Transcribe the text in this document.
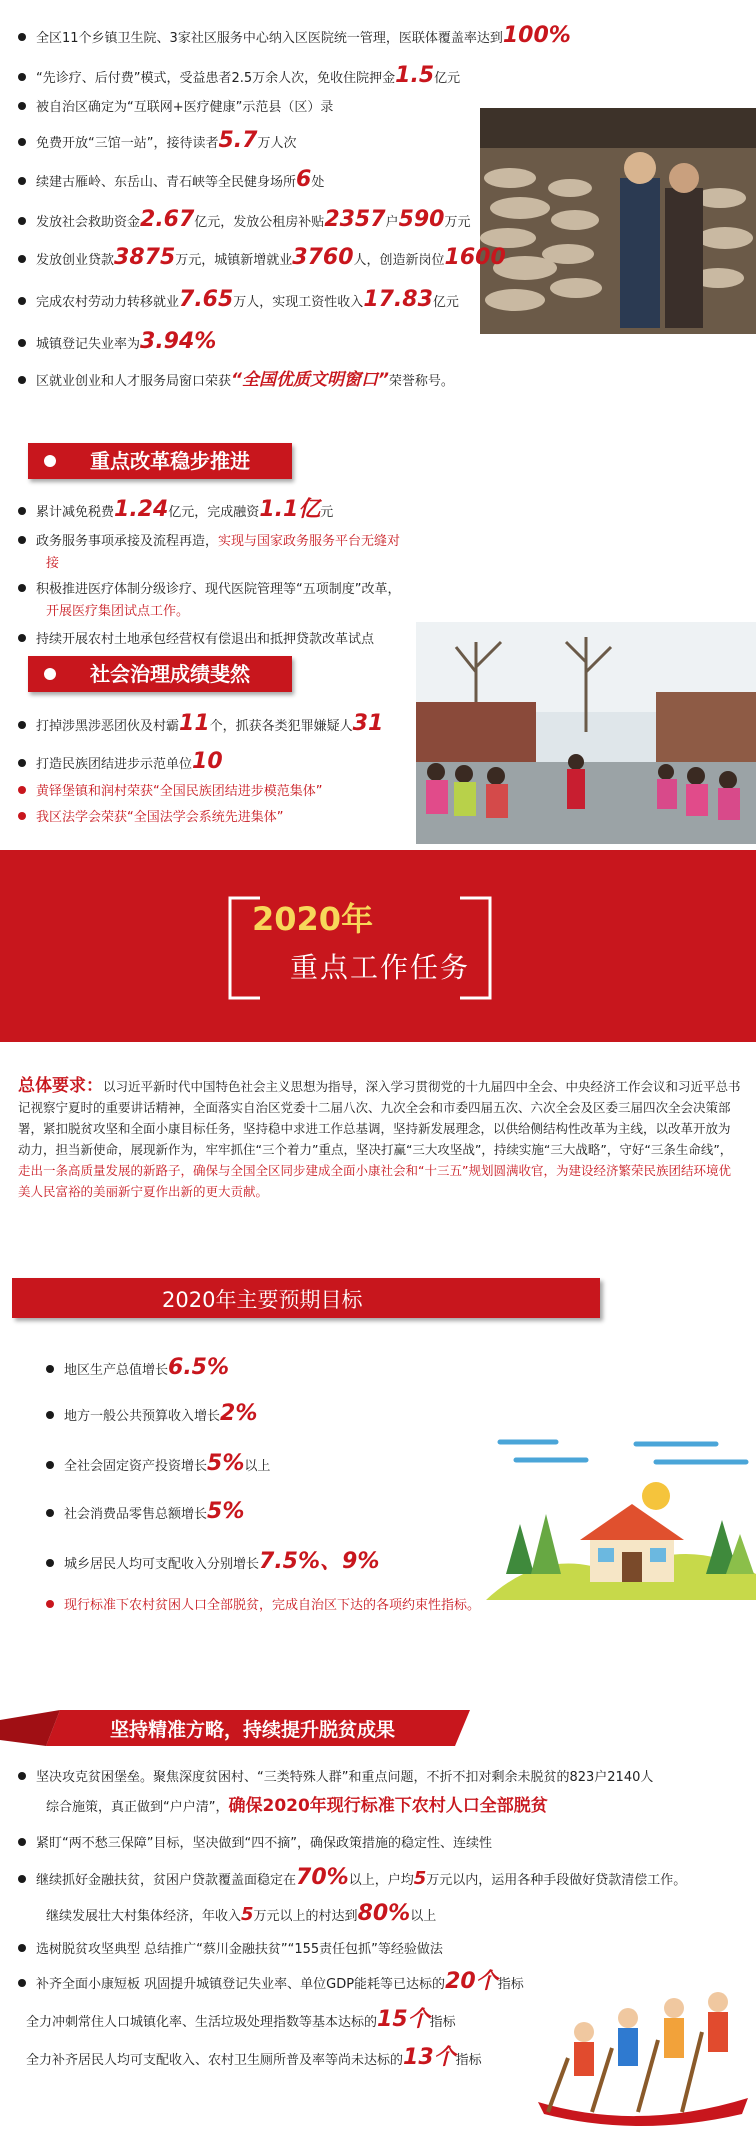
全区11个乡镇卫生院、3家社区服务中心纳入区医院统一管理，医联体覆盖率达到100%
“先诊疗、后付费”模式，受益患者2.5万余人次，免收住院押金1.5亿元
被自治区确定为“互联网+医疗健康”示范县（区）录
免费开放“三馆一站”，接待读者5.7万人次
续建古雁岭、东岳山、青石峡等全民健身场所6处
发放社会救助资金2.67亿元，发放公租房补贴2357户590万元
发放创业贷款3875万元，城镇新增就业3760人，创造新岗位1600
完成农村劳动力转移就业7.65万人，实现工资性收入17.83亿元
城镇登记失业率为3.94%
区就业创业和人才服务局窗口荣获“全国优质文明窗口”荣誉称号。
重点改革稳步推进
累计减免税费1.24亿元，完成融资1.1亿元
政务服务事项承接及流程再造，实现与国家政务服务平台无缝对
接
积极推进医疗体制分级诊疗、现代医院管理等“五项制度”改革，
开展医疗集团试点工作。
持续开展农村土地承包经营权有偿退出和抵押贷款改革试点
社会治理成绩斐然
打掉涉黑涉恶团伙及村霸11个，抓获各类犯罪嫌疑人31
打造民族团结进步示范单位10
黄铎堡镇和润村荣获“全国民族团结进步模范集体”
我区法学会荣获“全国法学会系统先进集体”
2020年
重点工作任务
总体要求：以习近平新时代中国特色社会主义思想为指导，深入学习贯彻党的十九届四中全会、中央经济工作会议和习近平总书记视察宁夏时的重要讲话精神，全面落实自治区党委十二届八次、九次全会和市委四届五次、六次全会及区委三届四次全会决策部署，紧扣脱贫攻坚和全面小康目标任务，坚持稳中求进工作总基调，坚持新发展理念，以供给侧结构性改革为主线，以改革开放为动力，担当新使命，展现新作为，牢牢抓住“三个着力”重点，坚决打赢“三大攻坚战”，持续实施“三大战略”，守好“三条生命线”，走出一条高质量发展的新路子，确保与全国全区同步建成全面小康社会和“十三五”规划圆满收官，为建设经济繁荣民族团结环境优美人民富裕的美丽新宁夏作出新的更大贡献。
2020年主要预期目标
地区生产总值增长6.5%
地方一般公共预算收入增长2%
全社会固定资产投资增长5%以上
社会消费品零售总额增长5%
城乡居民人均可支配收入分别增长7.5%、9%
现行标准下农村贫困人口全部脱贫，完成自治区下达的各项约束性指标。
坚持精准方略，持续提升脱贫成果
坚决攻克贫困堡垒。聚焦深度贫困村、“三类特殊人群”和重点问题，不折不扣对剩余未脱贫的823户2140人
综合施策，真正做到“户户清”，确保2020年现行标准下农村人口全部脱贫
紧盯“两不愁三保障”目标，坚决做到“四不摘”，确保政策措施的稳定性、连续性
继续抓好金融扶贫，贫困户贷款覆盖面稳定在70%以上，户均5万元以内，运用各种手段做好贷款清偿工作。
继续发展壮大村集体经济，年收入5万元以上的村达到80%以上
选树脱贫攻坚典型 总结推广“蔡川金融扶贫”“155责任包抓”等经验做法
补齐全面小康短板 巩固提升城镇登记失业率、单位GDP能耗等已达标的20个指标
全力冲刺常住人口城镇化率、生活垃圾处理指数等基本达标的15个指标
全力补齐居民人均可支配收入、农村卫生厕所普及率等尚未达标的13个指标
